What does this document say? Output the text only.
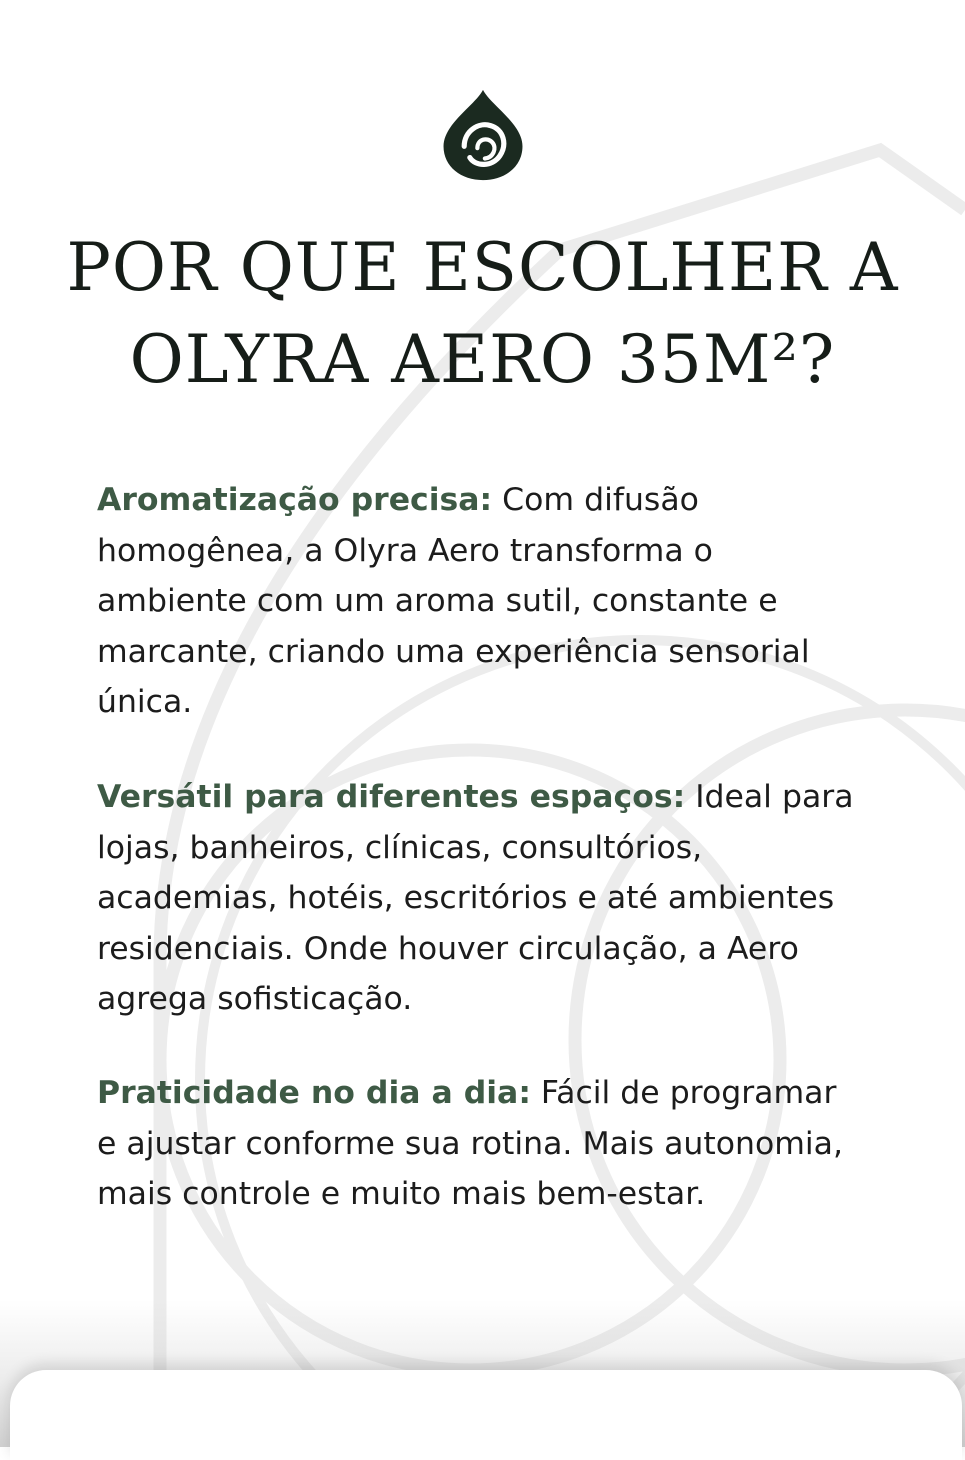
POR QUE ESCOLHER A OLYRA AERO 35M²?

Aromatização precisa: Com difusão homogênea, a Olyra Aero transforma o ambiente com um aroma sutil, constante e marcante, criando uma experiência sensorial única.

Versátil para diferentes espaços: Ideal para lojas, banheiros, clínicas, consultórios, academias, hotéis, escritórios e até ambientes residenciais. Onde houver circulação, a Aero agrega sofisticação.

Praticidade no dia a dia: Fácil de programar e ajustar conforme sua rotina. Mais autonomia, mais controle e muito mais bem-estar.
